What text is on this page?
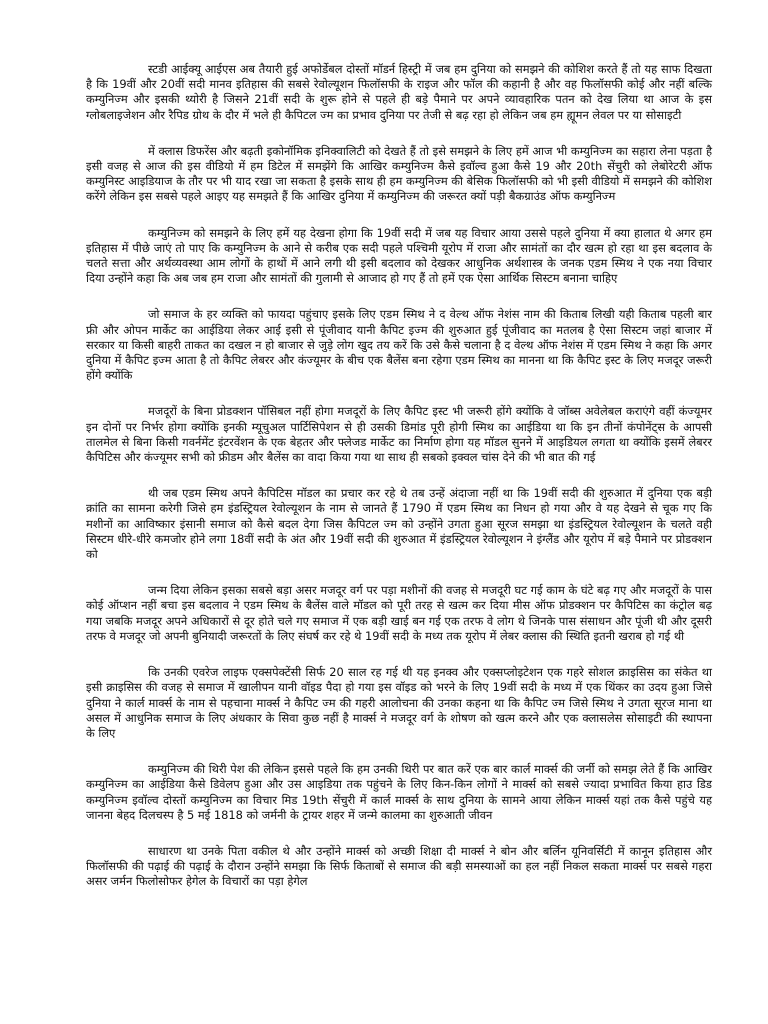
स्टडी आईक्यू आईएस अब तैयारी हुई अफोर्डेबल दोस्तों मॉडर्न हिस्ट्री में जब हम दुनिया को समझने की कोशिश करते हैं तो यह साफ दिखता है कि 19वीं और 20वीं सदी मानव इतिहास की सबसे रेवोल्यूशन फिलॉसफी के राइज और फॉल की कहानी है और वह फिलॉसफी कोई और नहीं बल्कि कम्युनिज्म और इसकी थ्योरी है जिसने 21वीं सदी के शुरू होने से पहले ही बड़े पैमाने पर अपने व्यावहारिक पतन को देख लिया था आज के इस ग्लोबलाइजेशन और रैपिड ग्रोथ के दौर में भले ही कैपिटल ज्म का प्रभाव दुनिया पर तेजी से बढ़ रहा हो लेकिन जब हम ह्यूमन लेवल पर या सोसाइटी

में क्लास डिफरेंस और बढ़ती इकोनॉमिक इनिक्वालिटी को देखते हैं तो इसे समझने के लिए हमें आज भी कम्युनिज्म का सहारा लेना पड़ता है इसी वजह से आज की इस वीडियो में हम डिटेल में समझेंगे कि आखिर कम्युनिज्म कैसे इवॉल्व हुआ कैसे 19 और 20th सेंचुरी को लेबोरेटरी ऑफ कम्युनिस्ट आइडियाज के तौर पर भी याद रखा जा सकता है इसके साथ ही हम कम्युनिज्म की बेसिक फिलॉसफी को भी इसी वीडियो में समझने की कोशिश करेंगे लेकिन इस सबसे पहले आइए यह समझते हैं कि आखिर दुनिया में कम्युनिज्म की जरूरत क्यों पड़ी बैकग्राउंड ऑफ कम्युनिज्म

कम्युनिज्म को समझने के लिए हमें यह देखना होगा कि 19वीं सदी में जब यह विचार आया उससे पहले दुनिया में क्या हालात थे अगर हम इतिहास में पीछे जाएं तो पाए कि कम्युनिज्म के आने से करीब एक सदी पहले पश्चिमी यूरोप में राजा और सामंतों का दौर खत्म हो रहा था इस बदलाव के चलते सत्ता और अर्थव्यवस्था आम लोगों के हाथों में आने लगी थी इसी बदलाव को देखकर आधुनिक अर्थशास्त्र के जनक एडम स्मिथ ने एक नया विचार दिया उन्होंने कहा कि अब जब हम राजा और सामंतों की गुलामी से आजाद हो गए हैं तो हमें एक ऐसा आर्थिक सिस्टम बनाना चाहिए

जो समाज के हर व्यक्ति को फायदा पहुंचाए इसके लिए एडम स्मिथ ने द वेल्थ ऑफ नेशंस नाम की किताब लिखी यही किताब पहली बार फ्री और ओपन मार्केट का आईडिया लेकर आई इसी से पूंजीवाद यानी कैपिट इज्म की शुरुआत हुई पूंजीवाद का मतलब है ऐसा सिस्टम जहां बाजार में सरकार या किसी बाहरी ताकत का दखल न हो बाजार से जुड़े लोग खुद तय करें कि उसे कैसे चलाना है द वेल्थ ऑफ नेशंस में एडम स्मिथ ने कहा कि अगर दुनिया में कैपिट इज्म आता है तो कैपिट लेबरर और कंज्यूमर के बीच एक बैलेंस बना रहेगा एडम स्मिथ का मानना था कि कैपिट इस्ट के लिए मजदूर जरूरी होंगे क्योंकि

मजदूरों के बिना प्रोडक्शन पॉसिबल नहीं होगा मजदूरों के लिए कैपिट इस्ट भी जरूरी होंगे क्योंकि वे जॉब्स अवेलेबल कराएंगे वहीं कंज्यूमर इन दोनों पर निर्भर होगा क्योंकि इनकी म्यूचुअल पार्टिसिपेशन से ही उसकी डिमांड पूरी होगी स्मिथ का आईडिया था कि इन तीनों कंपोनेंट्स के आपसी तालमेल से बिना किसी गवर्नमेंट इंटरवेंशन के एक बेहतर और फ्लेजड मार्केट का निर्माण होगा यह मॉडल सुनने में आइडियल लगता था क्योंकि इसमें लेबरर कैपिटिस और कंज्यूमर सभी को फ्रीडम और बैलेंस का वादा किया गया था साथ ही सबको इक्वल चांस देने की भी बात की गई

थी जब एडम स्मिथ अपने कैपिटिस मॉडल का प्रचार कर रहे थे तब उन्हें अंदाजा नहीं था कि 19वीं सदी की शुरुआत में दुनिया एक बड़ी क्रांति का सामना करेगी जिसे हम इंडस्ट्रियल रेवोल्यूशन के नाम से जानते हैं 1790 में एडम स्मिथ का निधन हो गया और वे यह देखने से चूक गए कि मशीनों का आविष्कार इंसानी समाज को कैसे बदल देगा जिस कैपिटल ज्म को उन्होंने उगता हुआ सूरज समझा था इंडस्ट्रियल रेवोल्यूशन के चलते वही सिस्टम धीरे-धीरे कमजोर होने लगा 18वीं सदी के अंत और 19वीं सदी की शुरुआत में इंडस्ट्रियल रेवोल्यूशन ने इंग्लैंड और यूरोप में बड़े पैमाने पर प्रोडक्शन को

जन्म दिया लेकिन इसका सबसे बड़ा असर मजदूर वर्ग पर पड़ा मशीनों की वजह से मजदूरी घट गई काम के घंटे बढ़ गए और मजदूरों के पास कोई ऑप्शन नहीं बचा इस बदलाव ने एडम स्मिथ के बैलेंस वाले मॉडल को पूरी तरह से खत्म कर दिया मीस ऑफ प्रोडक्शन पर कैपिटिस का कंट्रोल बढ़ गया जबकि मजदूर अपने अधिकारों से दूर होते चले गए समाज में एक बड़ी खाई बन गई एक तरफ वे लोग थे जिनके पास संसाधन और पूंजी थी और दूसरी तरफ वे मजदूर जो अपनी बुनियादी जरूरतों के लिए संघर्ष कर रहे थे 19वीं सदी के मध्य तक यूरोप में लेबर क्लास की स्थिति इतनी खराब हो गई थी

कि उनकी एवरेज लाइफ एक्सपेक्टेंसी सिर्फ 20 साल रह गई थी यह इनक्व और एक्सप्लोइटेशन एक गहरे सोशल क्राइसिस का संकेत था इसी क्राइसिस की वजह से समाज में खालीपन यानी वॉइड पैदा हो गया इस वॉइड को भरने के लिए 19वीं सदी के मध्य में एक थिंकर का उदय हुआ जिसे दुनिया ने कार्ल मार्क्स के नाम से पहचाना मार्क्स ने कैपिट ज्म की गहरी आलोचना की उनका कहना था कि कैपिट ज्म जिसे स्मिथ ने उगता सूरज माना था असल में आधुनिक समाज के लिए अंधकार के सिवा कुछ नहीं है मार्क्स ने मजदूर वर्ग के शोषण को खत्म करने और एक क्लासलेस सोसाइटी की स्थापना के लिए

कम्युनिज्म की थिरी पेश की लेकिन इससे पहले कि हम उनकी थिरी पर बात करें एक बार कार्ल मार्क्स की जर्नी को समझ लेते हैं कि आखिर कम्युनिज्म का आईडिया कैसे डिवेलप हुआ और उस आइडिया तक पहुंचने के लिए किन-किन लोगों ने मार्क्स को सबसे ज्यादा प्रभावित किया हाउ डिड कम्युनिज्म इवॉल्व दोस्तों कम्युनिज्म का विचार मिड 19th सेंचुरी में कार्ल मार्क्स के साथ दुनिया के सामने आया लेकिन मार्क्स यहां तक कैसे पहुंचे यह जानना बेहद दिलचस्प है 5 मई 1818 को जर्मनी के ट्रायर शहर में जन्मे कालमा का शुरुआती जीवन

साधारण था उनके पिता वकील थे और उन्होंने मार्क्स को अच्छी शिक्षा दी मार्क्स ने बोन और बर्लिन यूनिवर्सिटी में कानून इतिहास और फिलॉसफी की पढ़ाई की पढ़ाई के दौरान उन्होंने समझा कि सिर्फ किताबों से समाज की बड़ी समस्याओं का हल नहीं निकल सकता मार्क्स पर सबसे गहरा असर जर्मन फिलोसोफर हेगेल के विचारों का पड़ा हेगेल
